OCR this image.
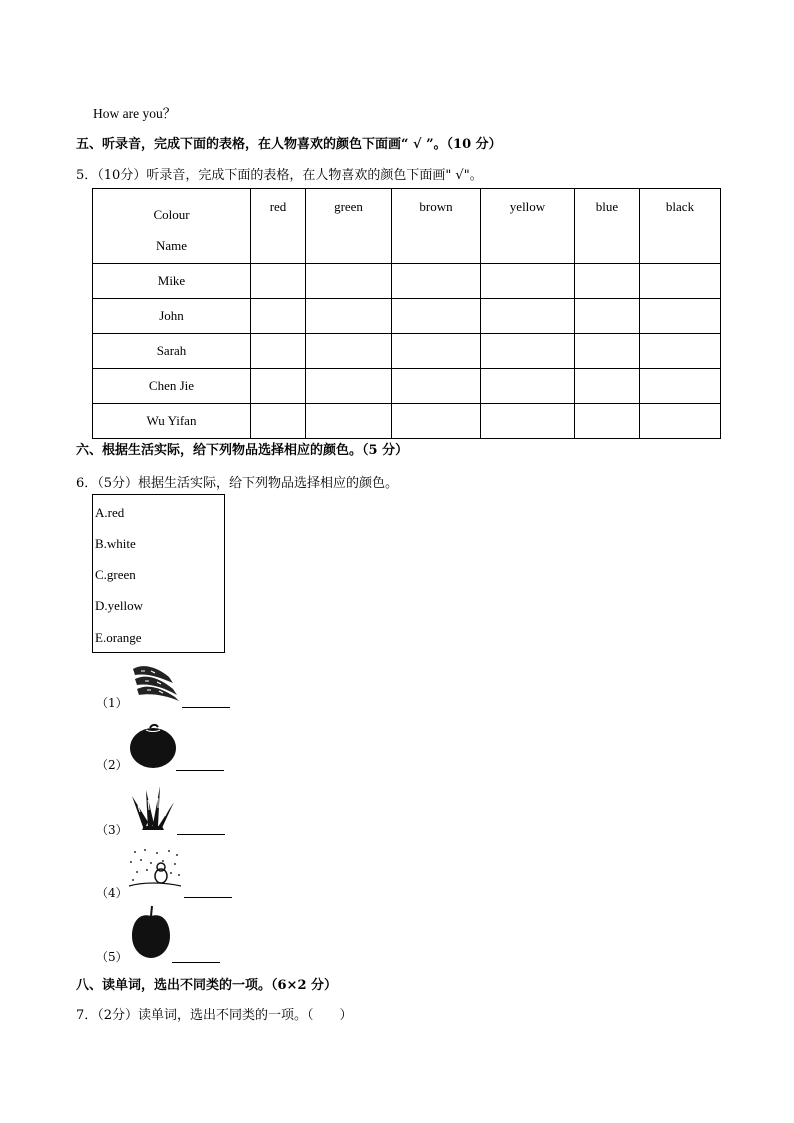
How are you？
五、听录音，完成下面的表格，在人物喜欢的颜色下面画“ √ ”。（10 分）
5．（10分）听录音，完成下面的表格，在人物喜欢的颜色下面画" √"。
Colour
Name	red	green	brown	yellow	blue	black
Mike						
John						
Sarah						
Chen Jie						
Wu Yifan						
六、根据生活实际，给下列物品选择相应的颜色。（5 分）
6．（5分）根据生活实际，给下列物品选择相应的颜色。
A.red
B.white
C.green
D.yellow
E.orange
（1）
（2）
（3）
（4）
（5）
八、读单词，选出不同类的一项。（6×2 分）
7．（2分）读单词，选出不同类的一项。（　　）
